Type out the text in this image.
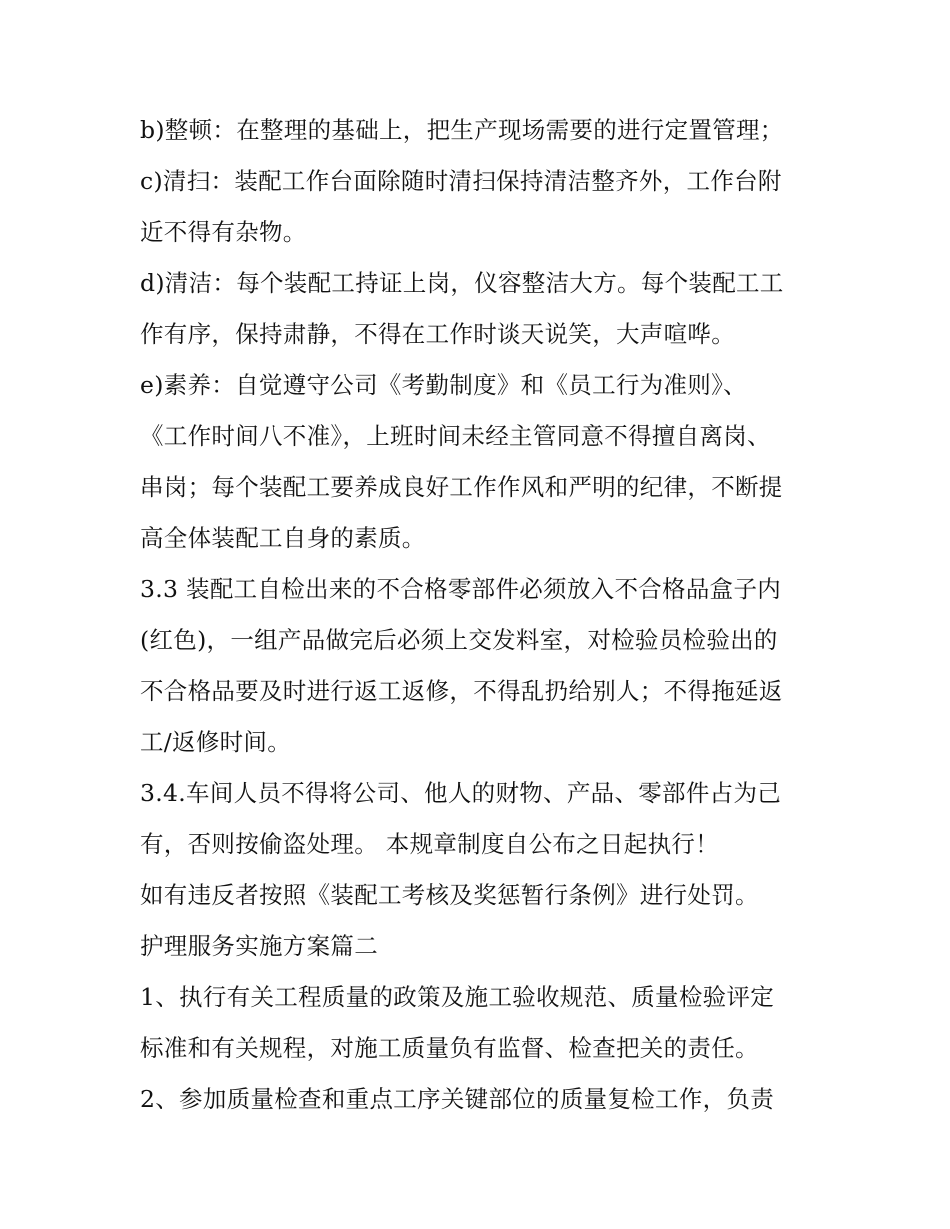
b)整顿：在整理的基础上，把生产现场需要的进行定置管理；
c)清扫：装配工作台面除随时清扫保持清洁整齐外，工作台附
近不得有杂物。
d)清洁：每个装配工持证上岗，仪容整洁大方。每个装配工工
作有序，保持肃静，不得在工作时谈天说笑，大声喧哗。
e)素养：自觉遵守公司《考勤制度》和《员工行为准则》、
《工作时间八不准》，上班时间未经主管同意不得擅自离岗、
串岗；每个装配工要养成良好工作作风和严明的纪律，不断提
高全体装配工自身的素质。
3.3 装配工自检出来的不合格零部件必须放入不合格品盒子内
(红色)，一组产品做完后必须上交发料室，对检验员检验出的
不合格品要及时进行返工返修，不得乱扔给别人；不得拖延返
工/返修时间。
3.4.车间人员不得将公司、他人的财物、产品、零部件占为己
有，否则按偷盗处理。 本规章制度自公布之日起执行！
如有违反者按照《装配工考核及奖惩暂行条例》进行处罚。
护理服务实施方案篇二
1、执行有关工程质量的政策及施工验收规范、质量检验评定
标准和有关规程，对施工质量负有监督、检查把关的责任。
2、参加质量检查和重点工序关键部位的质量复检工作，负责
